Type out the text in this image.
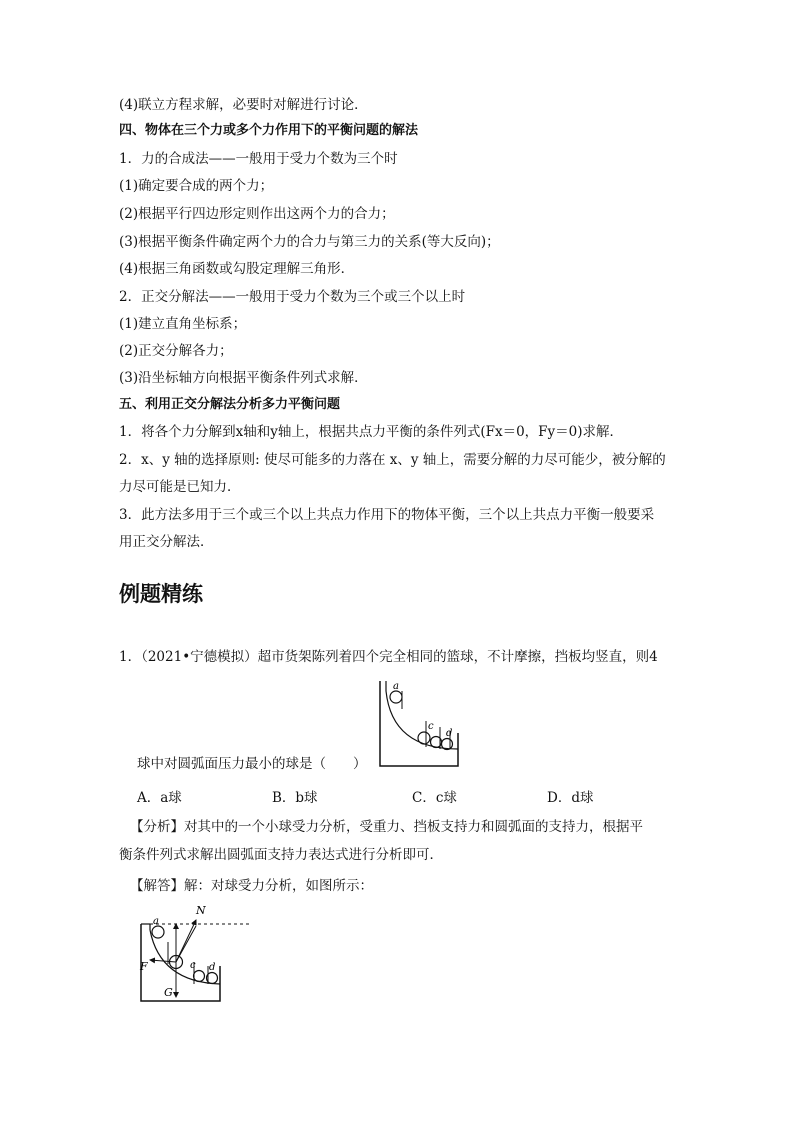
(4)联立方程求解，必要时对解进行讨论．
四、物体在三个力或多个力作用下的平衡问题的解法
1．力的合成法——一般用于受力个数为三个时
(1)确定要合成的两个力；
(2)根据平行四边形定则作出这两个力的合力；
(3)根据平衡条件确定两个力的合力与第三力的关系(等大反向)；
(4)根据三角函数或勾股定理解三角形．
2．正交分解法——一般用于受力个数为三个或三个以上时
(1)建立直角坐标系；
(2)正交分解各力；
(3)沿坐标轴方向根据平衡条件列式求解．
五、利用正交分解法分析多力平衡问题
1．将各个力分解到x轴和y轴上，根据共点力平衡的条件列式(Fx＝0，Fy＝0)求解．
2．x、y 轴的选择原则: 使尽可能多的力落在 x、y 轴上，需要分解的力尽可能少，被分解的
力尽可能是已知力．
3．此方法多用于三个或三个以上共点力作用下的物体平衡，三个以上共点力平衡一般要采
用正交分解法．
例题精练
1．（2021•宁德模拟）超市货架陈列着四个完全相同的篮球，不计摩擦，挡板均竖直，则4
a
c
d
球中对圆弧面压力最小的球是（　　）
A．a球	B．b球	C．c球	D．d球
【分析】对其中的一个小球受力分析，受重力、挡板支持力和圆弧面的支持力，根据平
衡条件列式求解出圆弧面支持力表达式进行分析即可．
【解答】解：对球受力分析，如图所示：
N
a
F	c d
G
